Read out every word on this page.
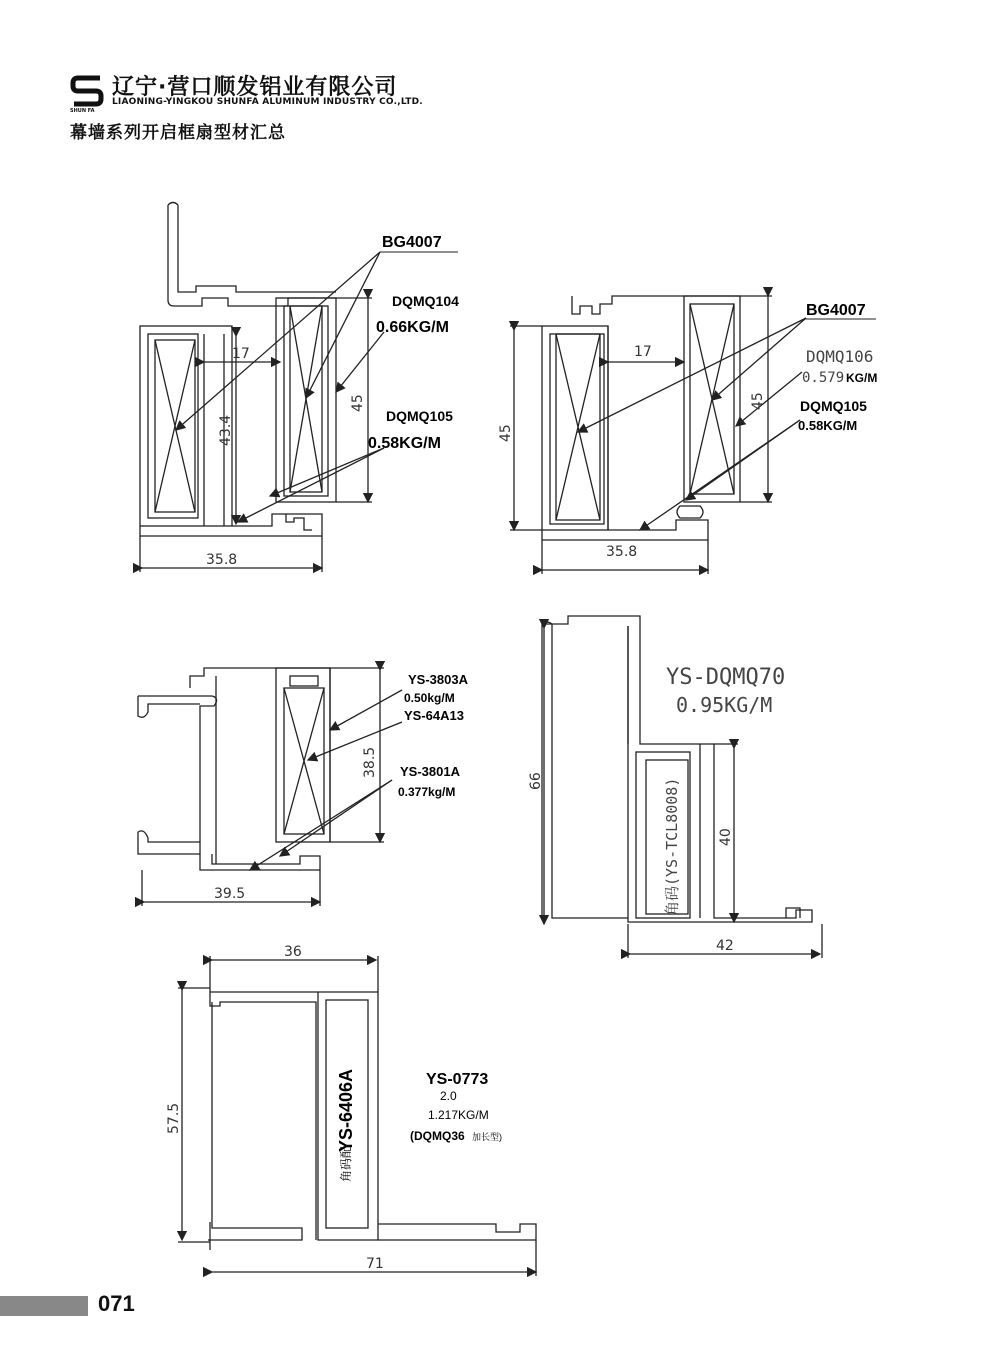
SHUN FA
辽宁·营口顺发铝业有限公司
LIAONING-YINGKOU SHUNFA ALUMINUM INDUSTRY CO.,LTD.
幕墙系列开启框扇型材汇总
BG4007
DQMQ104
0.66KG/M
DQMQ105
0.58KG/M
17
43.4
45
35.8
BG4007
DQMQ106
0.579 KG/M
DQMQ105
0.58KG/M
17
45
45
35.8
YS-3803A
0.50kg/M
YS-64A13
YS-3801A
0.377kg/M
38.5
39.5
YS-DQMQ70
0.95KG/M
角码(YS-TCL8008)
66
40
42
YS-0773
2.0
1.217KG/M
(DQMQ36 加长型)
角码配
YS-6406A
36
57.5
71
071
